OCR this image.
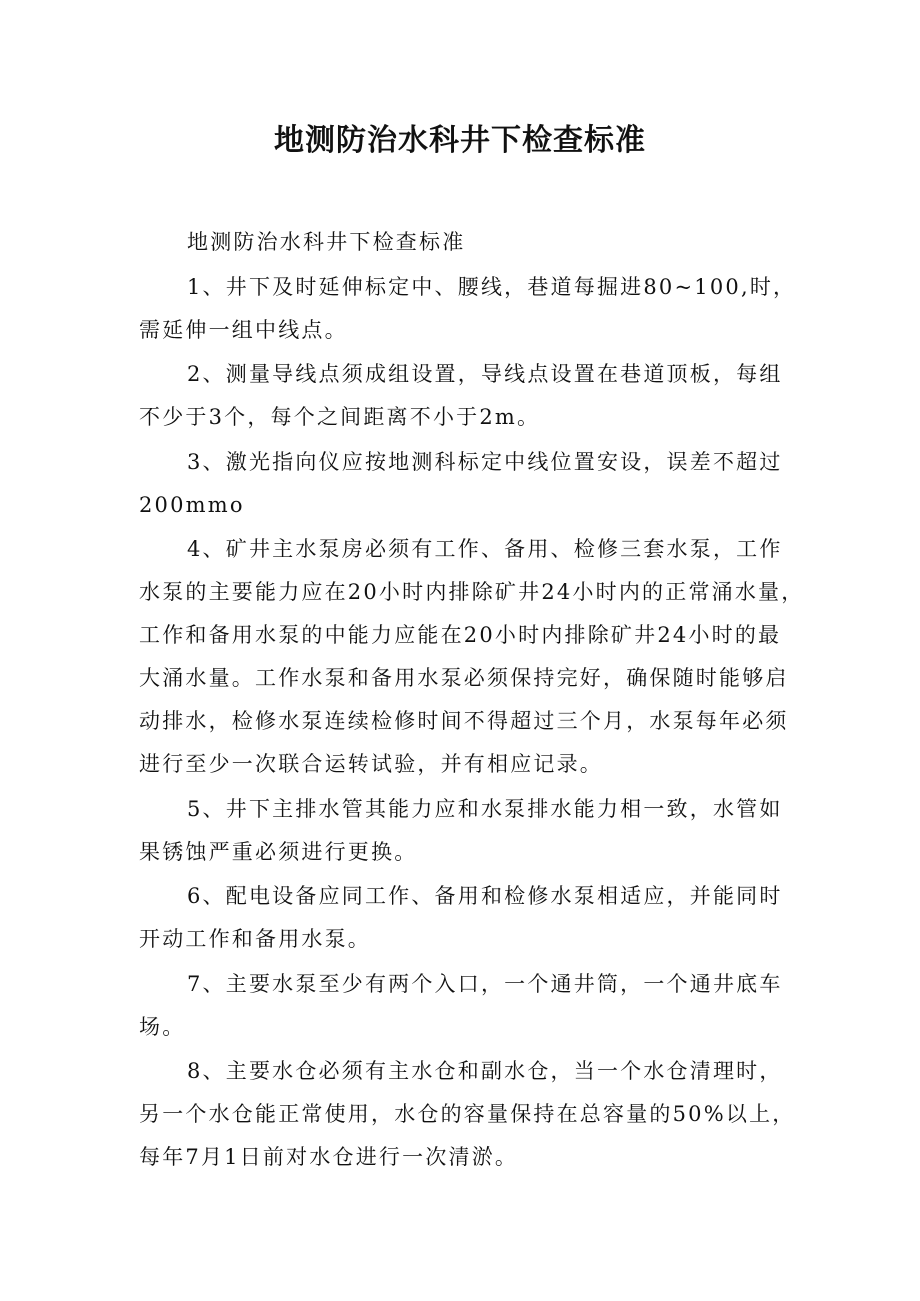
地测防治水科井下检查标准
地测防治水科井下检查标准
1、井下及时延伸标定中、腰线，巷道每掘进80~100,时，
需延伸一组中线点。
2、测量导线点须成组设置，导线点设置在巷道顶板，每组
不少于3个，每个之间距离不小于2m。
3、激光指向仪应按地测科标定中线位置安设，误差不超过
200mmo
4、矿井主水泵房必须有工作、备用、检修三套水泵，工作
水泵的主要能力应在20小时内排除矿井24小时内的正常涌水量，
工作和备用水泵的中能力应能在20小时内排除矿井24小时的最
大涌水量。工作水泵和备用水泵必须保持完好，确保随时能够启
动排水，检修水泵连续检修时间不得超过三个月，水泵每年必须
进行至少一次联合运转试验，并有相应记录。
5、井下主排水管其能力应和水泵排水能力相一致，水管如
果锈蚀严重必须进行更换。
6、配电设备应同工作、备用和检修水泵相适应，并能同时
开动工作和备用水泵。
7、主要水泵至少有两个入口，一个通井筒，一个通井底车
场。
8、主要水仓必须有主水仓和副水仓，当一个水仓清理时，
另一个水仓能正常使用，水仓的容量保持在总容量的50%以上，
每年7月1日前对水仓进行一次清淤。
